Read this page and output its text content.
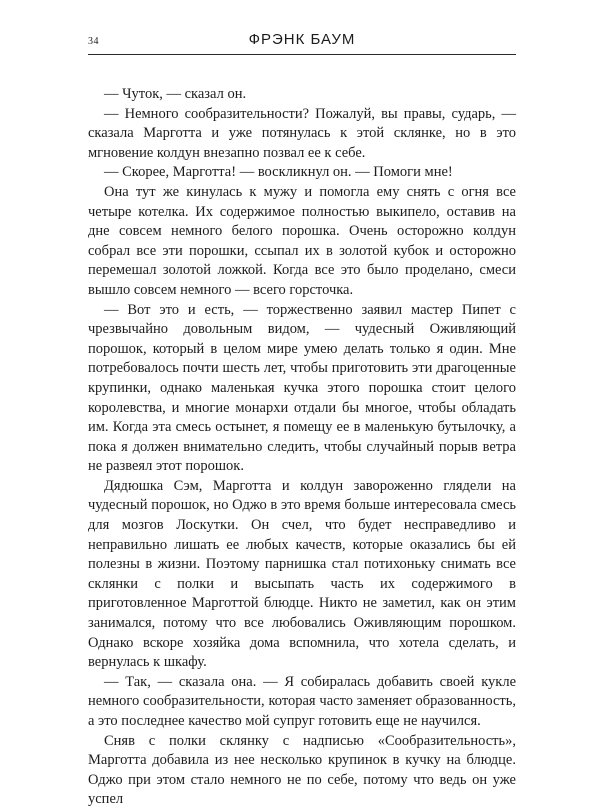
34	ФРЭНК БАУМ

— Чуток, — сказал он.

— Немного сообразительности? Пожалуй, вы правы, сударь, — сказала Марготта и уже потянулась к этой склянке, но в это мгновение колдун внезапно позвал ее к себе.

— Скорее, Марготта! — воскликнул он. — Помоги мне!

Она тут же кинулась к мужу и помогла ему снять с огня все четыре котелка. Их содержимое полностью выкипело, оставив на дне совсем немного белого порошка. Очень осторожно колдун собрал все эти порошки, ссыпал их в золотой кубок и осторожно перемешал золотой ложкой. Когда все это было проделано, смеси вышло совсем немного — всего горсточка.

— Вот это и есть, — торжественно заявил мастер Пипет с чрезвычайно довольным видом, — чудесный Оживляющий порошок, который в целом мире умею делать только я один. Мне потребовалось почти шесть лет, чтобы приготовить эти драгоценные крупинки, однако маленькая кучка этого порошка стоит целого королевства, и многие монархи отдали бы многое, чтобы обладать им. Когда эта смесь остынет, я помещу ее в маленькую бутылочку, а пока я должен внимательно следить, чтобы случайный порыв ветра не развеял этот порошок.

Дядюшка Сэм, Марготта и колдун завороженно глядели на чудесный порошок, но Оджо в это время больше интересовала смесь для мозгов Лоскутки. Он счел, что будет несправедливо и неправильно лишать ее любых качеств, которые оказались бы ей полезны в жизни. Поэтому парнишка стал потихоньку снимать все склянки с полки и высыпать часть их содержимого в приготовленное Марготтой блюдце. Никто не заметил, как он этим занимался, потому что все любовались Оживляющим порошком. Однако вскоре хозяйка дома вспомнила, что хотела сделать, и вернулась к шкафу.

— Так, — сказала она. — Я собиралась добавить своей кукле немного сообразительности, которая часто заменяет образованность, а это последнее качество мой супруг готовить еще не научился.

Сняв с полки склянку с надписью «Сообразительность», Марготта добавила из нее несколько крупинок в кучку на блюдце. Оджо при этом стало немного не по себе, потому что ведь он уже успел
